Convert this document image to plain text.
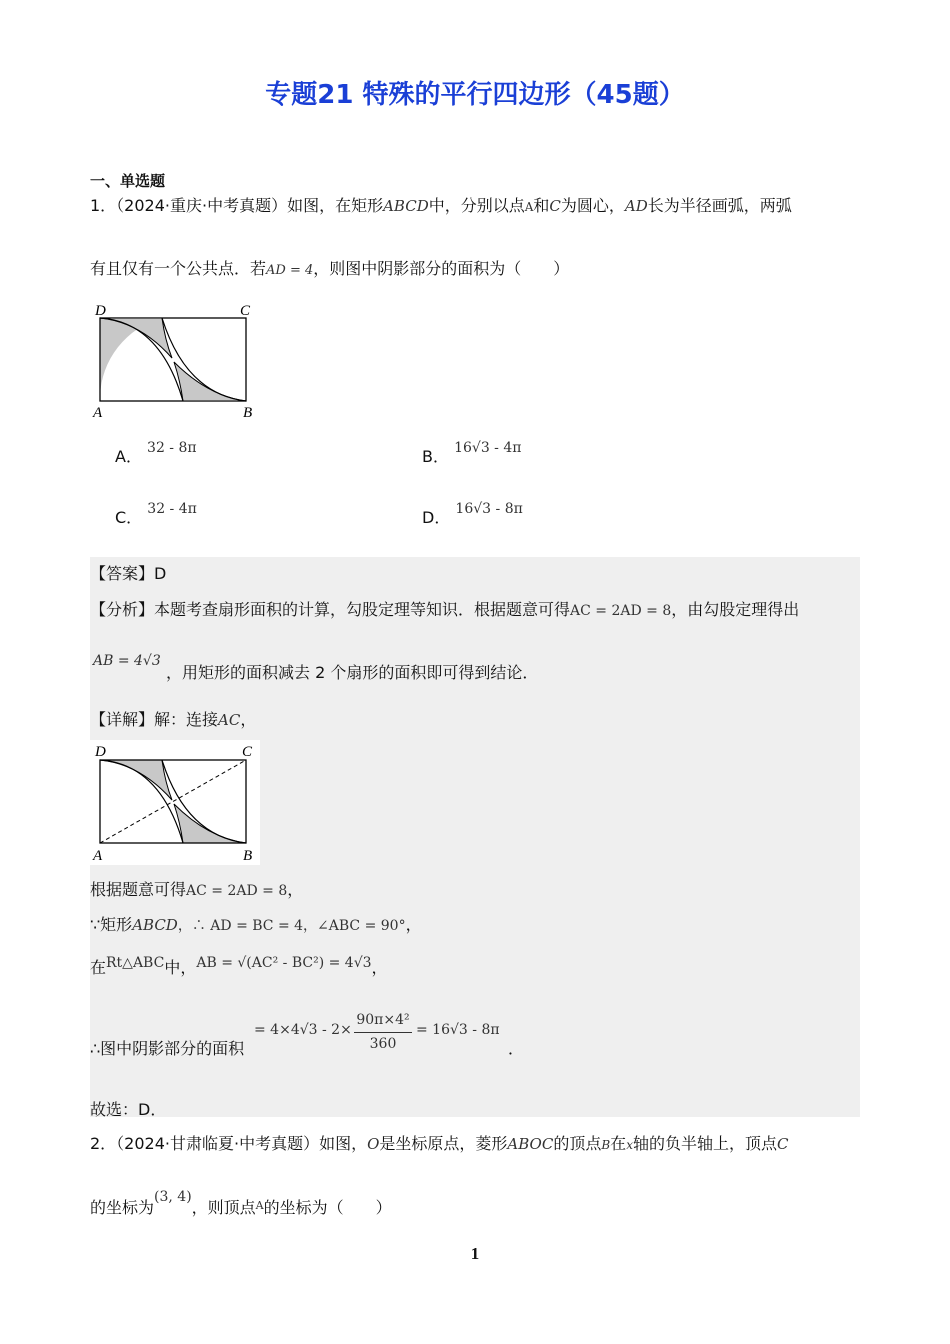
专题21 特殊的平行四边形（45题）
一、单选题
1．（2024·重庆·中考真题）如图，在矩形ABCD中，分别以点A和C为圆心，AD长为半径画弧，两弧
有且仅有一个公共点．若AD = 4，则图中阴影部分的面积为（　　）
D	C
A	B
A． 32 - 8π	B． 16√3 - 4π
C． 32 - 4π	D． 16√3 - 8π
【答案】D
【分析】本题考查扇形面积的计算，勾股定理等知识．根据题意可得AC = 2AD = 8，由勾股定理得出
AB = 4√3
，用矩形的面积减去 2 个扇形的面积即可得到结论．
【详解】解：连接AC，
D	C
A	B
根据题意可得AC = 2AD = 8，
∵矩形ABCD，∴ AD = BC = 4，∠ABC = 90°，
在Rt△ABC中，AB = √(AC² - BC²) = 4√3，
∴图中阴影部分的面积
= 4×4√3 - 2×
90π×4²
360
= 16√3 - 8π
．
故选：D．
2．（2024·甘肃临夏·中考真题）如图，O是坐标原点，菱形ABOC的顶点B在x轴的负半轴上，顶点C
的坐标为(3, 4)，则顶点$^A$的坐标为（　　）
1
